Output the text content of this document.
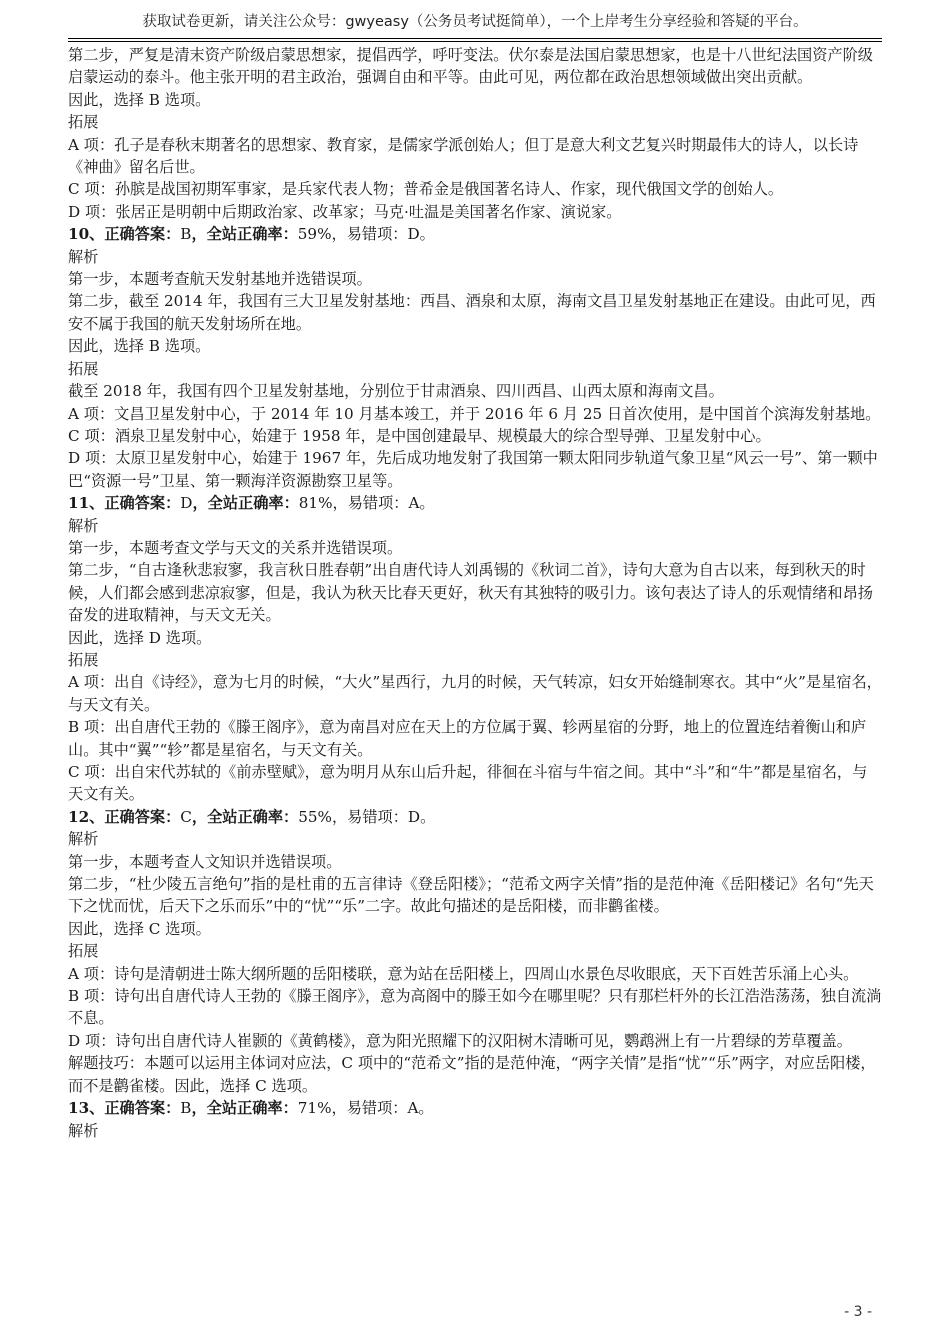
获取试卷更新，请关注公众号：gwyeasy（公务员考试挺简单），一个上岸考生分享经验和答疑的平台。

第二步，严复是清末资产阶级启蒙思想家，提倡西学，呼吁变法。伏尔泰是法国启蒙思想家，也是十八世纪法国资产阶级启蒙运动的泰斗。他主张开明的君主政治，强调自由和平等。由此可见，两位都在政治思想领域做出突出贡献。

因此，选择 B 选项。

拓展

A 项：孔子是春秋末期著名的思想家、教育家，是儒家学派创始人；但丁是意大利文艺复兴时期最伟大的诗人，以长诗《神曲》留名后世。

C 项：孙膑是战国初期军事家，是兵家代表人物；普希金是俄国著名诗人、作家，现代俄国文学的创始人。

D 项：张居正是明朝中后期政治家、改革家；马克·吐温是美国著名作家、演说家。

10、正确答案：B，全站正确率：59%，易错项：D。

解析

第一步，本题考查航天发射基地并选错误项。

第二步，截至 2014 年，我国有三大卫星发射基地：西昌、酒泉和太原，海南文昌卫星发射基地正在建设。由此可见，西安不属于我国的航天发射场所在地。

因此，选择 B 选项。

拓展

截至 2018 年，我国有四个卫星发射基地，分别位于甘肃酒泉、四川西昌、山西太原和海南文昌。

A 项：文昌卫星发射中心，于 2014 年 10 月基本竣工，并于 2016 年 6 月 25 日首次使用，是中国首个滨海发射基地。

C 项：酒泉卫星发射中心，始建于 1958 年，是中国创建最早、规模最大的综合型导弹、卫星发射中心。

D 项：太原卫星发射中心，始建于 1967 年，先后成功地发射了我国第一颗太阳同步轨道气象卫星“风云一号”、第一颗中巴“资源一号”卫星、第一颗海洋资源勘察卫星等。

11、正确答案：D，全站正确率：81%，易错项：A。

解析

第一步，本题考查文学与天文的关系并选错误项。

第二步，“自古逢秋悲寂寥，我言秋日胜春朝”出自唐代诗人刘禹锡的《秋词二首》，诗句大意为自古以来，每到秋天的时候，人们都会感到悲凉寂寥，但是，我认为秋天比春天更好，秋天有其独特的吸引力。该句表达了诗人的乐观情绪和昂扬奋发的进取精神，与天文无关。

因此，选择 D 选项。

拓展

A 项：出自《诗经》，意为七月的时候，“大火”星西行，九月的时候，天气转凉，妇女开始缝制寒衣。其中“火”是星宿名，与天文有关。

B 项：出自唐代王勃的《滕王阁序》，意为南昌对应在天上的方位属于翼、轸两星宿的分野，地上的位置连结着衡山和庐山。其中“翼”“轸”都是星宿名，与天文有关。

C 项：出自宋代苏轼的《前赤壁赋》，意为明月从东山后升起，徘徊在斗宿与牛宿之间。其中“斗”和“牛”都是星宿名，与天文有关。

12、正确答案：C，全站正确率：55%，易错项：D。

解析

第一步，本题考查人文知识并选错误项。

第二步，“杜少陵五言绝句”指的是杜甫的五言律诗《登岳阳楼》；“范希文两字关情”指的是范仲淹《岳阳楼记》名句“先天下之忧而忧，后天下之乐而乐”中的“忧”“乐”二字。故此句描述的是岳阳楼，而非鹳雀楼。

因此，选择 C 选项。

拓展

A 项：诗句是清朝进士陈大纲所题的岳阳楼联，意为站在岳阳楼上，四周山水景色尽收眼底，天下百姓苦乐涌上心头。

B 项：诗句出自唐代诗人王勃的《滕王阁序》，意为高阁中的滕王如今在哪里呢？只有那栏杆外的长江浩浩荡荡，独自流淌不息。

D 项：诗句出自唐代诗人崔颢的《黄鹤楼》，意为阳光照耀下的汉阳树木清晰可见，鹦鹉洲上有一片碧绿的芳草覆盖。

解题技巧：本题可以运用主体词对应法，C 项中的“范希文”指的是范仲淹，“两字关情”是指“忧”“乐”两字，对应岳阳楼，而不是鹳雀楼。因此，选择 C 选项。

13、正确答案：B，全站正确率：71%，易错项：A。

解析

- 3 -
